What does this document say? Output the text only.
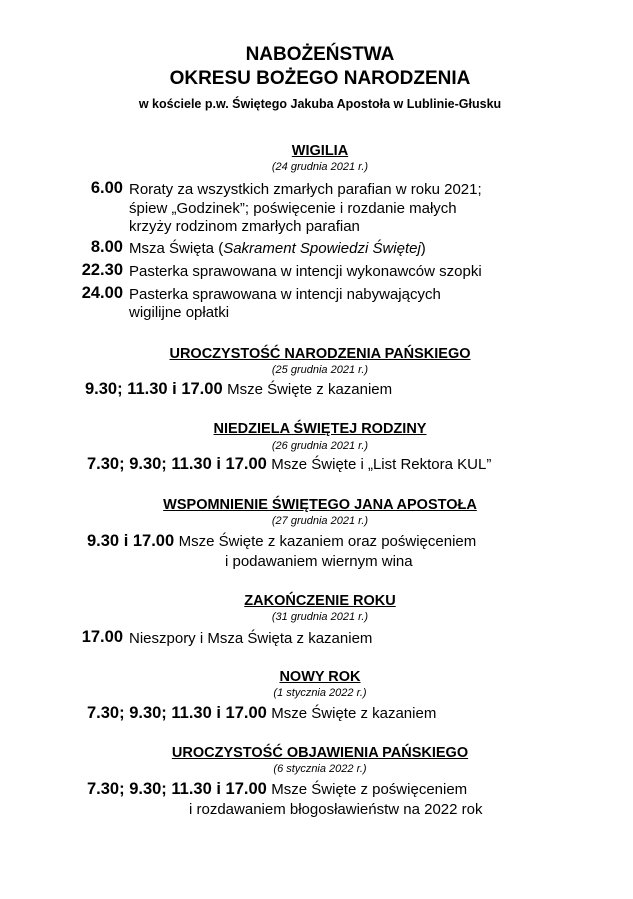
NABOŻEŃSTWA
OKRESU BOŻEGO NARODZENIA
w kościele p.w. Świętego Jakuba Apostoła w Lublinie-Głusku
WIGILIA
(24 grudnia 2021 r.)
6.00 Roraty za wszystkich zmarłych parafian w roku 2021;
śpiew „Godzinek”; poświęcenie i rozdanie małych
krzyży rodzinom zmarłych parafian
8.00 Msza Święta (Sakrament Spowiedzi Świętej)
22.30 Pasterka sprawowana w intencji wykonawców szopki
24.00 Pasterka sprawowana w intencji nabywających
wigilijne opłatki
UROCZYSTOŚĆ NARODZENIA PAŃSKIEGO
(25 grudnia 2021 r.)
9.30; 11.30 i 17.00 Msze Święte z kazaniem
NIEDZIELA ŚWIĘTEJ RODZINY
(26 grudnia 2021 r.)
7.30; 9.30; 11.30 i 17.00 Msze Święte i „List Rektora KUL”
WSPOMNIENIE ŚWIĘTEGO JANA APOSTOŁA
(27 grudnia 2021 r.)
9.30 i 17.00 Msze Święte z kazaniem oraz poświęceniem
i podawaniem wiernym wina
ZAKOŃCZENIE ROKU
(31 grudnia 2021 r.)
17.00 Nieszpory i Msza Święta z kazaniem
NOWY ROK
(1 stycznia 2022 r.)
7.30; 9.30; 11.30 i 17.00 Msze Święte z kazaniem
UROCZYSTOŚĆ OBJAWIENIA PAŃSKIEGO
(6 stycznia 2022 r.)
7.30; 9.30; 11.30 i 17.00 Msze Święte z poświęceniem
i rozdawaniem błogosławieństw na 2022 rok
